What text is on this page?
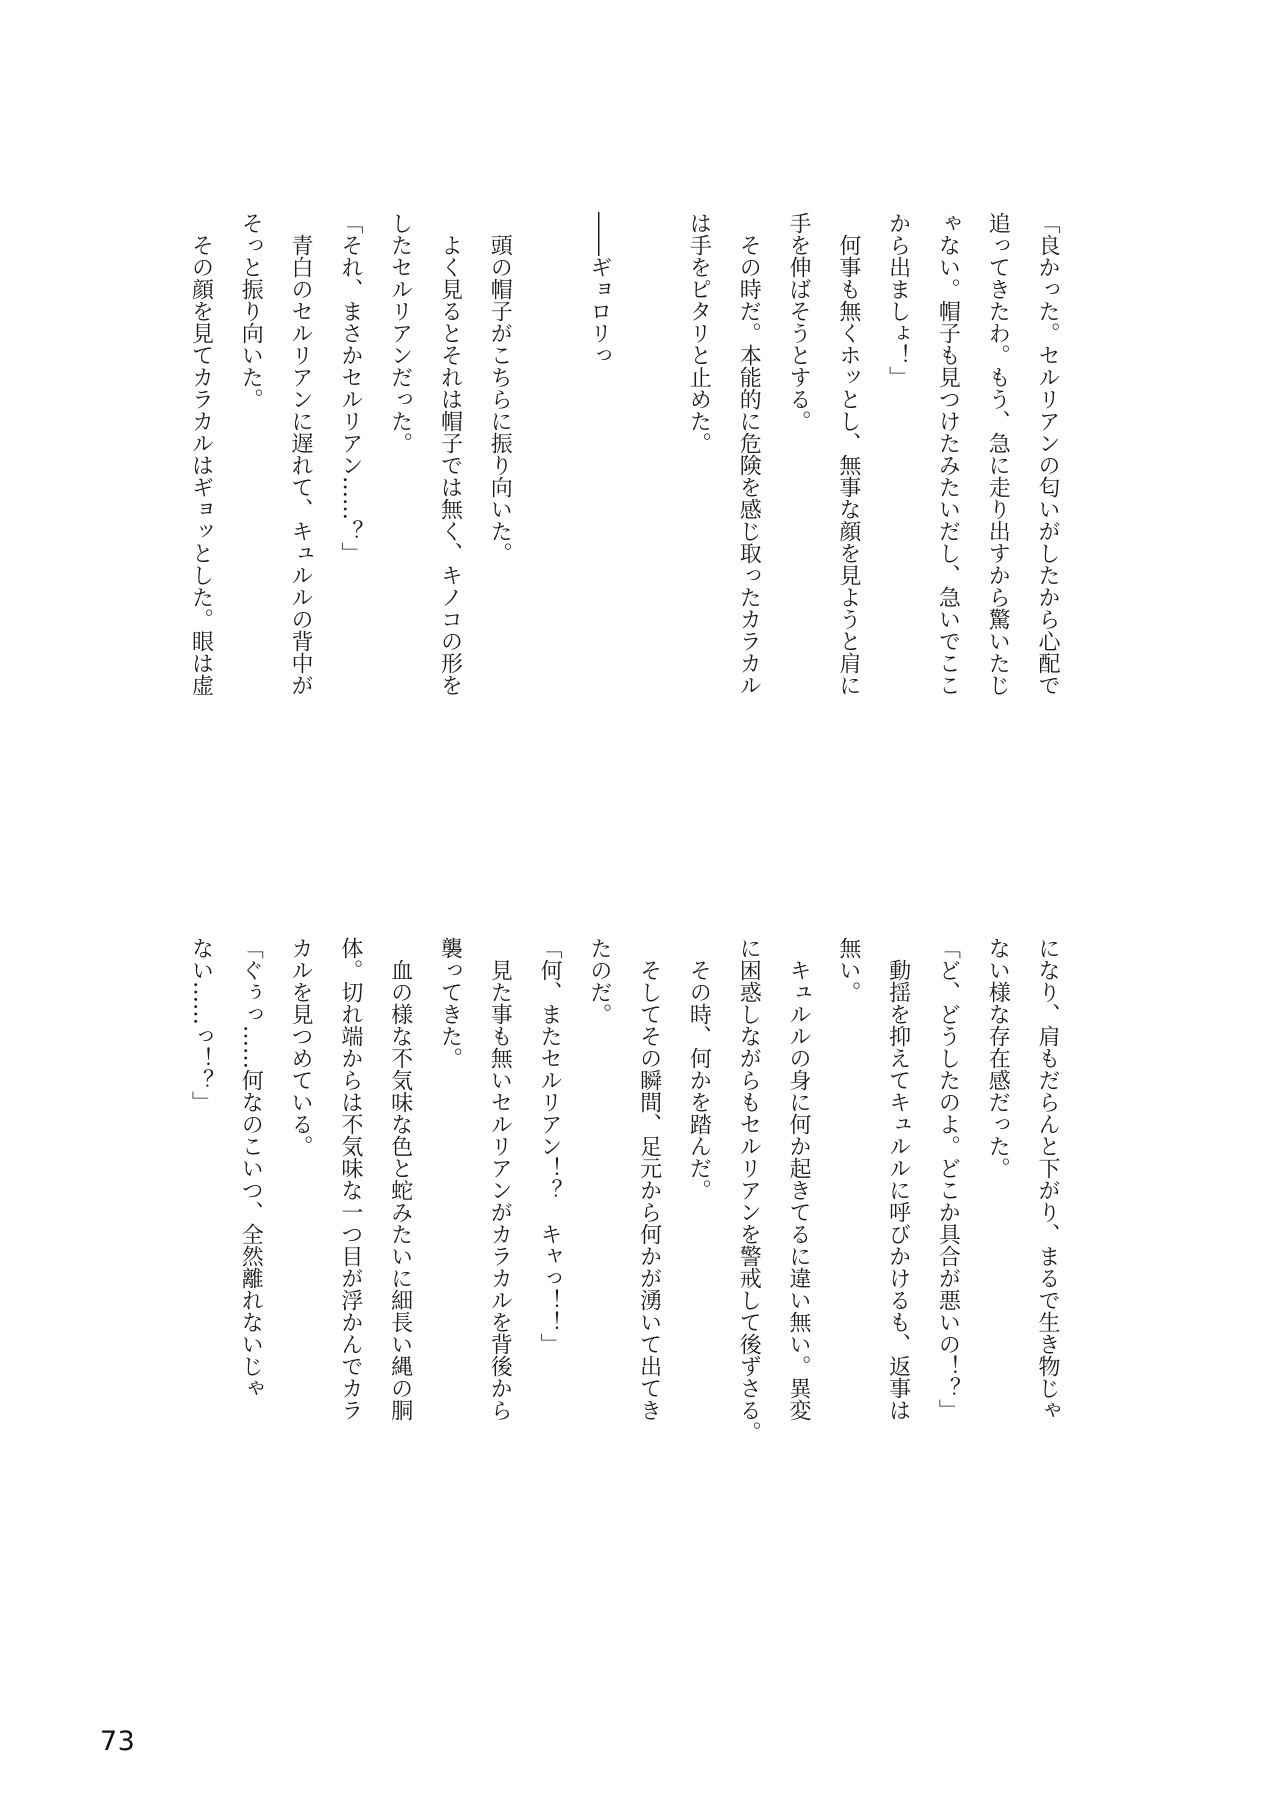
「良かった。セルリアンの匂いがしたから心配で
追ってきたわ。もう、急に走り出すから驚いたじ
ゃない。帽子も見つけたみたいだし、急いでここ
から出ましょ！」
何事も無くホッとし、無事な顔を見ようと肩に
手を伸ばそうとする。
その時だ。本能的に危険を感じ取ったカラカル
は手をピタリと止めた。
――ギョロリっ
頭の帽子がこちらに振り向いた。
よく見るとそれは帽子では無く、キノコの形を
したセルリアンだった。
「それ、まさかセルリアン……？」
青白のセルリアンに遅れて、キュルルの背中が
そっと振り向いた。
その顔を見てカラカルはギョッとした。眼は虚
になり、肩もだらんと下がり、まるで生き物じゃ
ない様な存在感だった。
「ど、どうしたのよ。どこか具合が悪いの！？」
動揺を抑えてキュルルに呼びかけるも、返事は
無い。
キュルルの身に何か起きてるに違い無い。異変
に困惑しながらもセルリアンを警戒して後ずさる。
その時、何かを踏んだ。
そしてその瞬間、足元から何かが湧いて出てき
たのだ。
「何、またセルリアン！？　キャっ！！」
見た事も無いセルリアンがカラカルを背後から
襲ってきた。
血の様な不気味な色と蛇みたいに細長い縄の胴
体。切れ端からは不気味な一つ目が浮かんでカラ
カルを見つめている。
「ぐぅっ……何なのこいつ、全然離れないじゃ
ない……っ！？」
73
